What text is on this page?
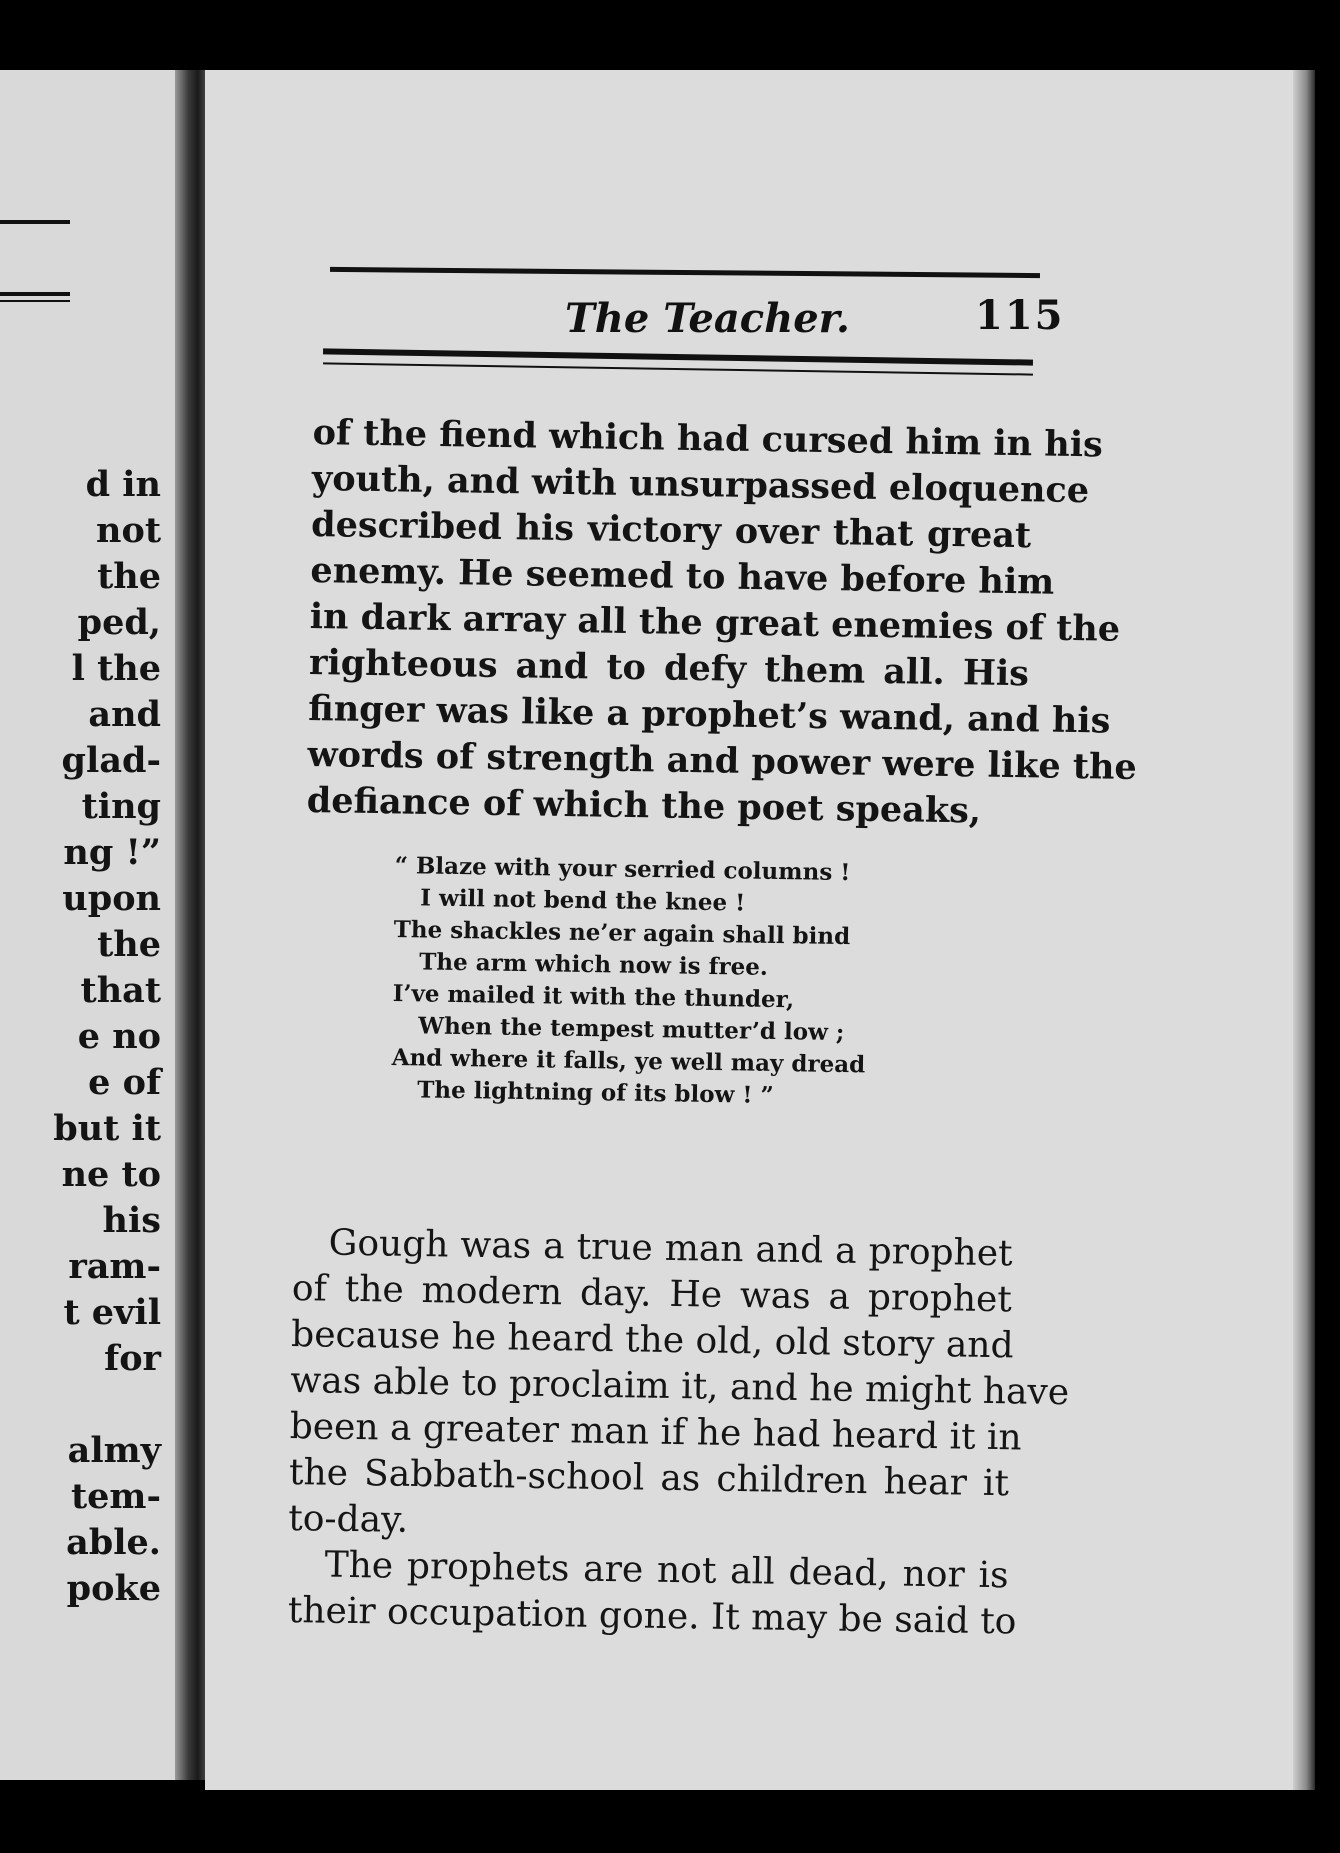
d in
not
the
ped,
l the
and
glad-
ting
ng !”
upon
the
that
e no
e of
but it
ne to
his
ram-
t evil
for

almy
tem-
able.
poke
The Teacher.	115
of the fiend which had cursed him in his
youth, and with unsurpassed eloquence
described his victory over that great
enemy. He seemed to have before him
in dark array all the great enemies of the
righteous and to defy them all. His
finger was like a prophet’s wand, and his
words of strength and power were like the
defiance of which the poet speaks,
“ Blaze with your serried columns !
I will not bend the knee !
The shackles ne’er again shall bind
The arm which now is free.
I’ve mailed it with the thunder,
When the tempest mutter’d low ;
And where it falls, ye well may dread
The lightning of its blow ! ”
Gough was a true man and a prophet
of the modern day. He was a prophet
because he heard the old, old story and
was able to proclaim it, and he might have
been a greater man if he had heard it in
the Sabbath-school as children hear it
to-day.
The prophets are not all dead, nor is
their occupation gone. It may be said to
